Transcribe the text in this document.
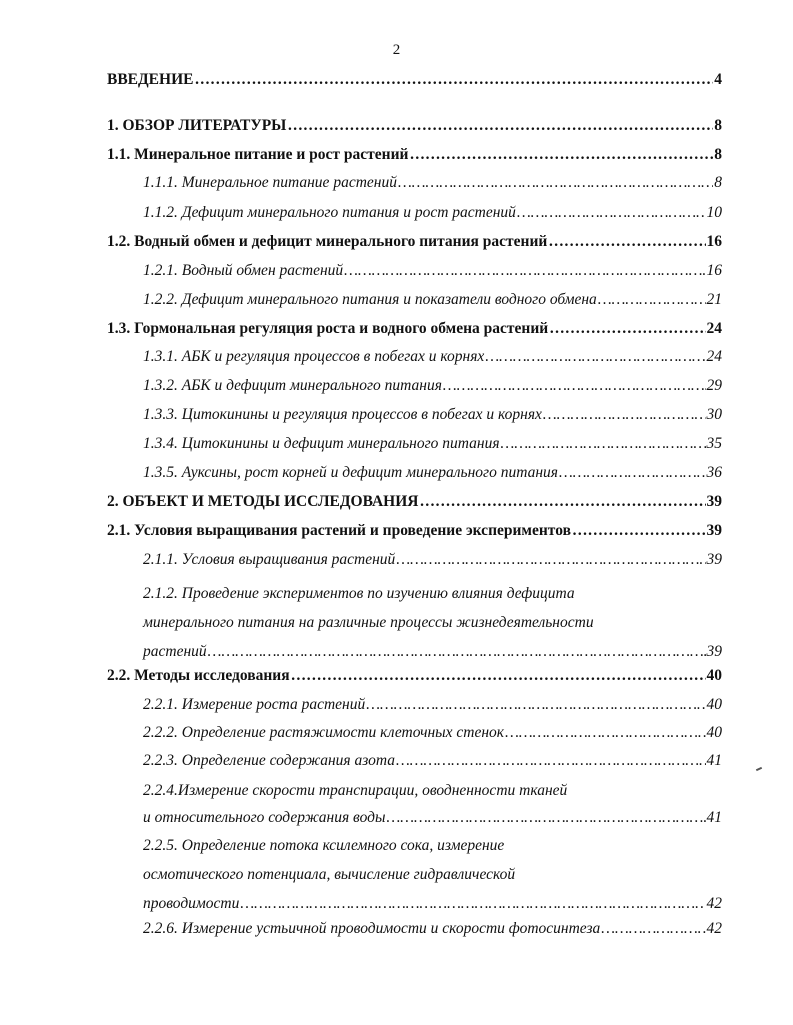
2
ВВЕДЕНИЕ …………………………………………………………………………………………………………………………………………………………………………………………………………………………………	4
1. ОБЗОР ЛИТЕРАТУРЫ …………………………………………………………………………………………………………………………………………………………………………………………………………………………………	8
1.1. Минеральное питание и рост растений …………………………………………………………………………………………………………………………………………………………………………………………………………………………………	8
1.1.1. Минеральное питание растений …………………………………………………………………………………………………………………………………………………………………………………………………………………………………	8
1.1.2. Дефицит минерального питания и рост растений …………………………………………………………………………………………………………………………………………………………………………………………………………………………………	10
1.2. Водный обмен и дефицит минерального питания растений …………………………………………………………………………………………………………………………………………………………………………………………………………………………………	16
1.2.1. Водный обмен растений …………………………………………………………………………………………………………………………………………………………………………………………………………………………………	16
1.2.2. Дефицит минерального питания и показатели водного обмена …………………………………………………………………………………………………………………………………………………………………………………………………………………………………	21
1.3. Гормональная регуляция роста и водного обмена растений …………………………………………………………………………………………………………………………………………………………………………………………………………………………………	24
1.3.1. АБК и регуляция процессов в побегах и корнях …………………………………………………………………………………………………………………………………………………………………………………………………………………………………	24
1.3.2. АБК и дефицит минерального питания …………………………………………………………………………………………………………………………………………………………………………………………………………………………………	29
1.3.3. Цитокинины и регуляция процессов в побегах и корнях …………………………………………………………………………………………………………………………………………………………………………………………………………………………………	30
1.3.4. Цитокинины и дефицит минерального питания …………………………………………………………………………………………………………………………………………………………………………………………………………………………………	35
1.3.5. Ауксины, рост корней и дефицит минерального питания …………………………………………………………………………………………………………………………………………………………………………………………………………………………………	36
2. ОБЪЕКТ И МЕТОДЫ ИССЛЕДОВАНИЯ …………………………………………………………………………………………………………………………………………………………………………………………………………………………………	39
2.1. Условия выращивания растений и проведение экспериментов …………………………………………………………………………………………………………………………………………………………………………………………………………………………………	39
2.1.1. Условия выращивания растений …………………………………………………………………………………………………………………………………………………………………………………………………………………………………	39
2.1.2. Проведение экспериментов по изучению влияния дефицита
минерального питания на различные процессы жизнедеятельности
растений …………………………………………………………………………………………………………………………………………………………………………………………………………………………………	39
2.2. Методы исследования …………………………………………………………………………………………………………………………………………………………………………………………………………………………………	40
2.2.1. Измерение роста растений …………………………………………………………………………………………………………………………………………………………………………………………………………………………………	40
2.2.2. Определение растяжимости клеточных стенок …………………………………………………………………………………………………………………………………………………………………………………………………………………………………	40
2.2.3. Определение содержания азота …………………………………………………………………………………………………………………………………………………………………………………………………………………………………	41
2.2.4.Измерение скорости транспирации, оводненности тканей
и относительного содержания воды …………………………………………………………………………………………………………………………………………………………………………………………………………………………………	41
2.2.5. Определение потока ксилемного сока, измерение
осмотического потенциала, вычисление гидравлической
проводимости …………………………………………………………………………………………………………………………………………………………………………………………………………………………………	42
2.2.6. Измерение устьичной проводимости и скорости фотосинтеза …………………………………………………………………………………………………………………………………………………………………………………………………………………………………	42
